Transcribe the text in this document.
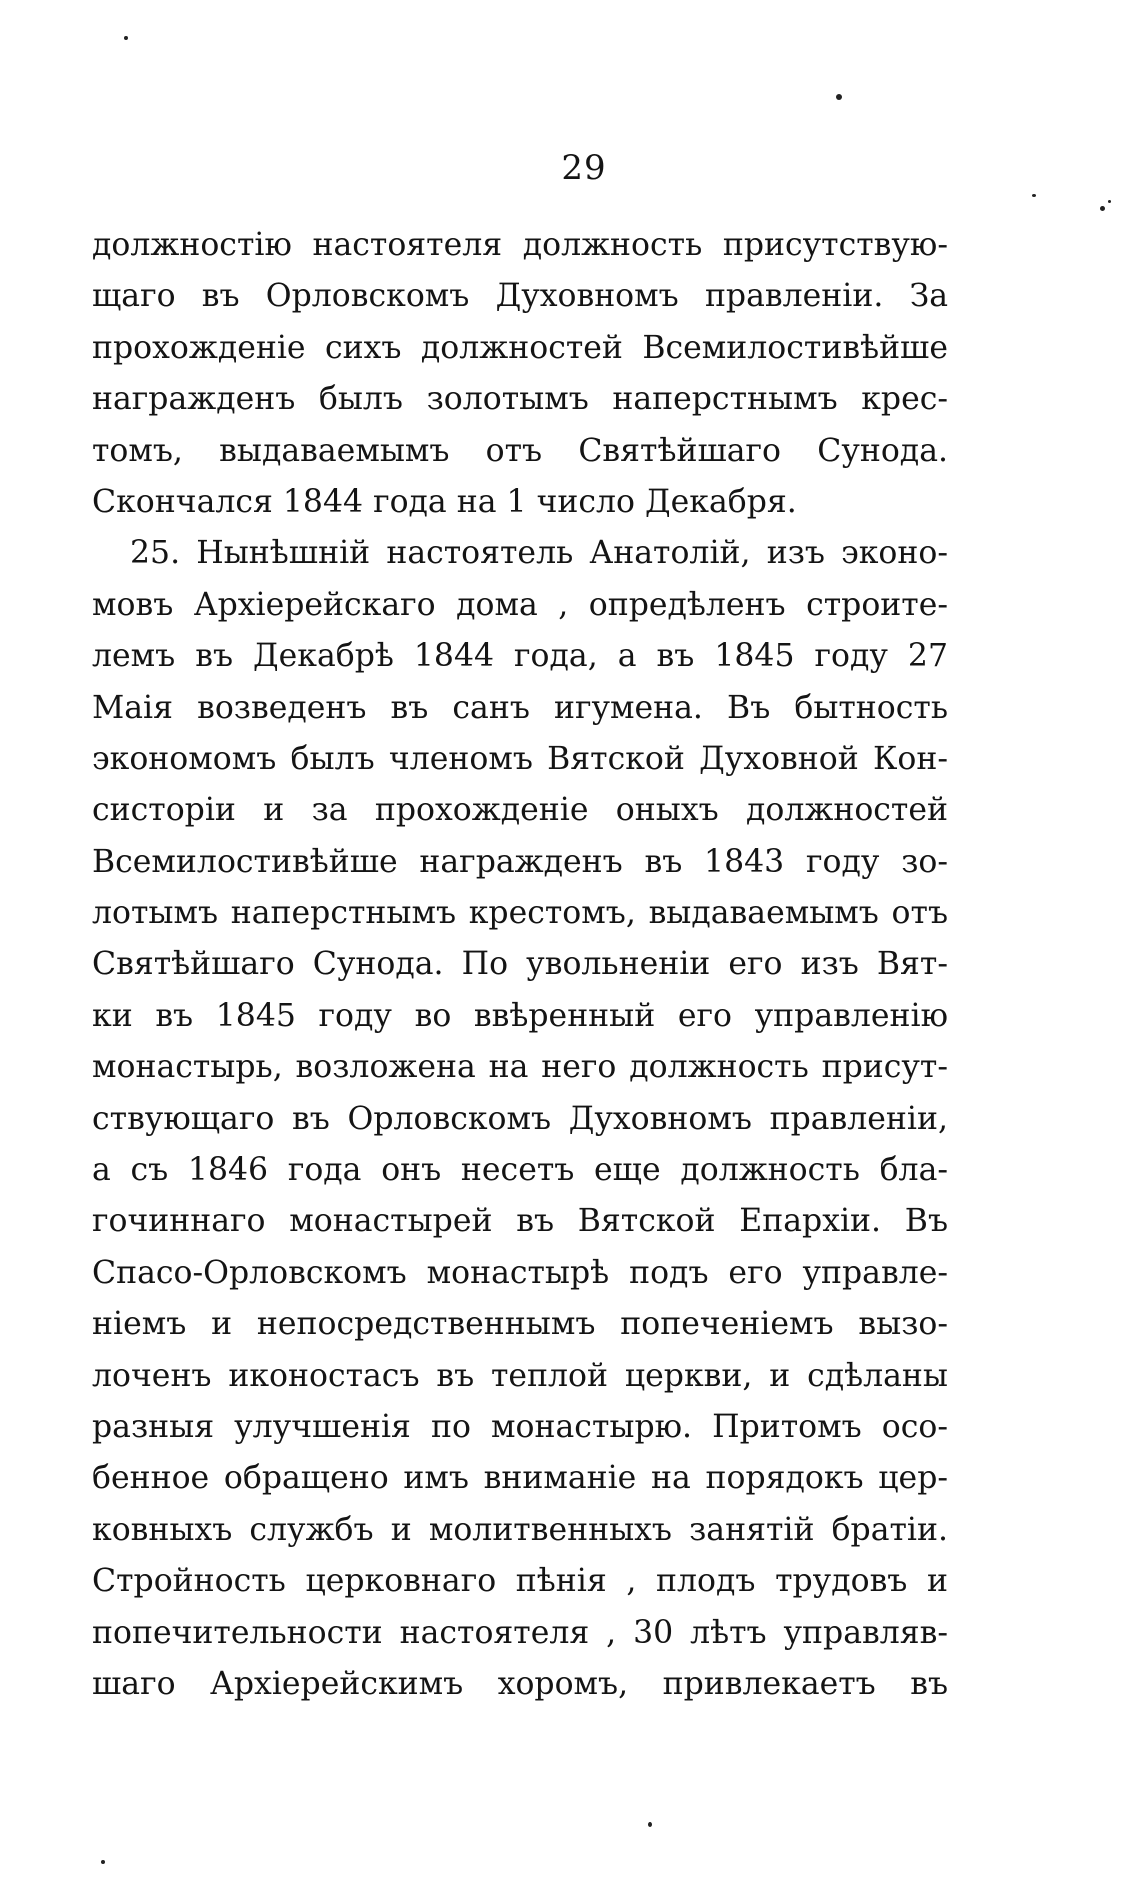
29
должностію настоятеля должность присутствую-
щаго въ Орловскомъ Духовномъ правленіи. За
прохожденіе сихъ должностей Всемилостивѣйше
награжденъ былъ золотымъ наперстнымъ крес-
томъ, выдаваемымъ отъ Святѣйшаго Сунода.
Скончался 1844 года на 1 число Декабря.
25. Нынѣшній настоятель Анатолій, изъ эконо-
мовъ Архіерейскаго дома , опредѣленъ строите-
лемъ въ Декабрѣ 1844 года, а въ 1845 году 27
Маія возведенъ въ санъ игумена. Въ бытность
экономомъ былъ членомъ Вятской Духовной Кон-
систоріи и за прохожденіе оныхъ должностей
Всемилостивѣйше награжденъ въ 1843 году зо-
лотымъ наперстнымъ крестомъ, выдаваемымъ отъ
Святѣйшаго Сунода. По увольненіи его изъ Вят-
ки въ 1845 году во ввѣренный его управленію
монастырь, возложена на него должность присут-
ствующаго въ Орловскомъ Духовномъ правленіи,
а съ 1846 года онъ несетъ еще должность бла-
гочиннаго монастырей въ Вятской Епархіи. Въ
Спасо-Орловскомъ монастырѣ подъ его управле-
ніемъ и непосредственнымъ попеченіемъ вызо-
лоченъ иконостасъ въ теплой церкви, и сдѣланы
разныя улучшенія по монастырю. Притомъ осо-
бенное обращено имъ вниманіе на порядокъ цер-
ковныхъ службъ и молитвенныхъ занятій братіи.
Стройность церковнаго пѣнія , плодъ трудовъ и
попечительности настоятеля , 30 лѣтъ управляв-
шаго Архіерейскимъ хоромъ, привлекаетъ въ
